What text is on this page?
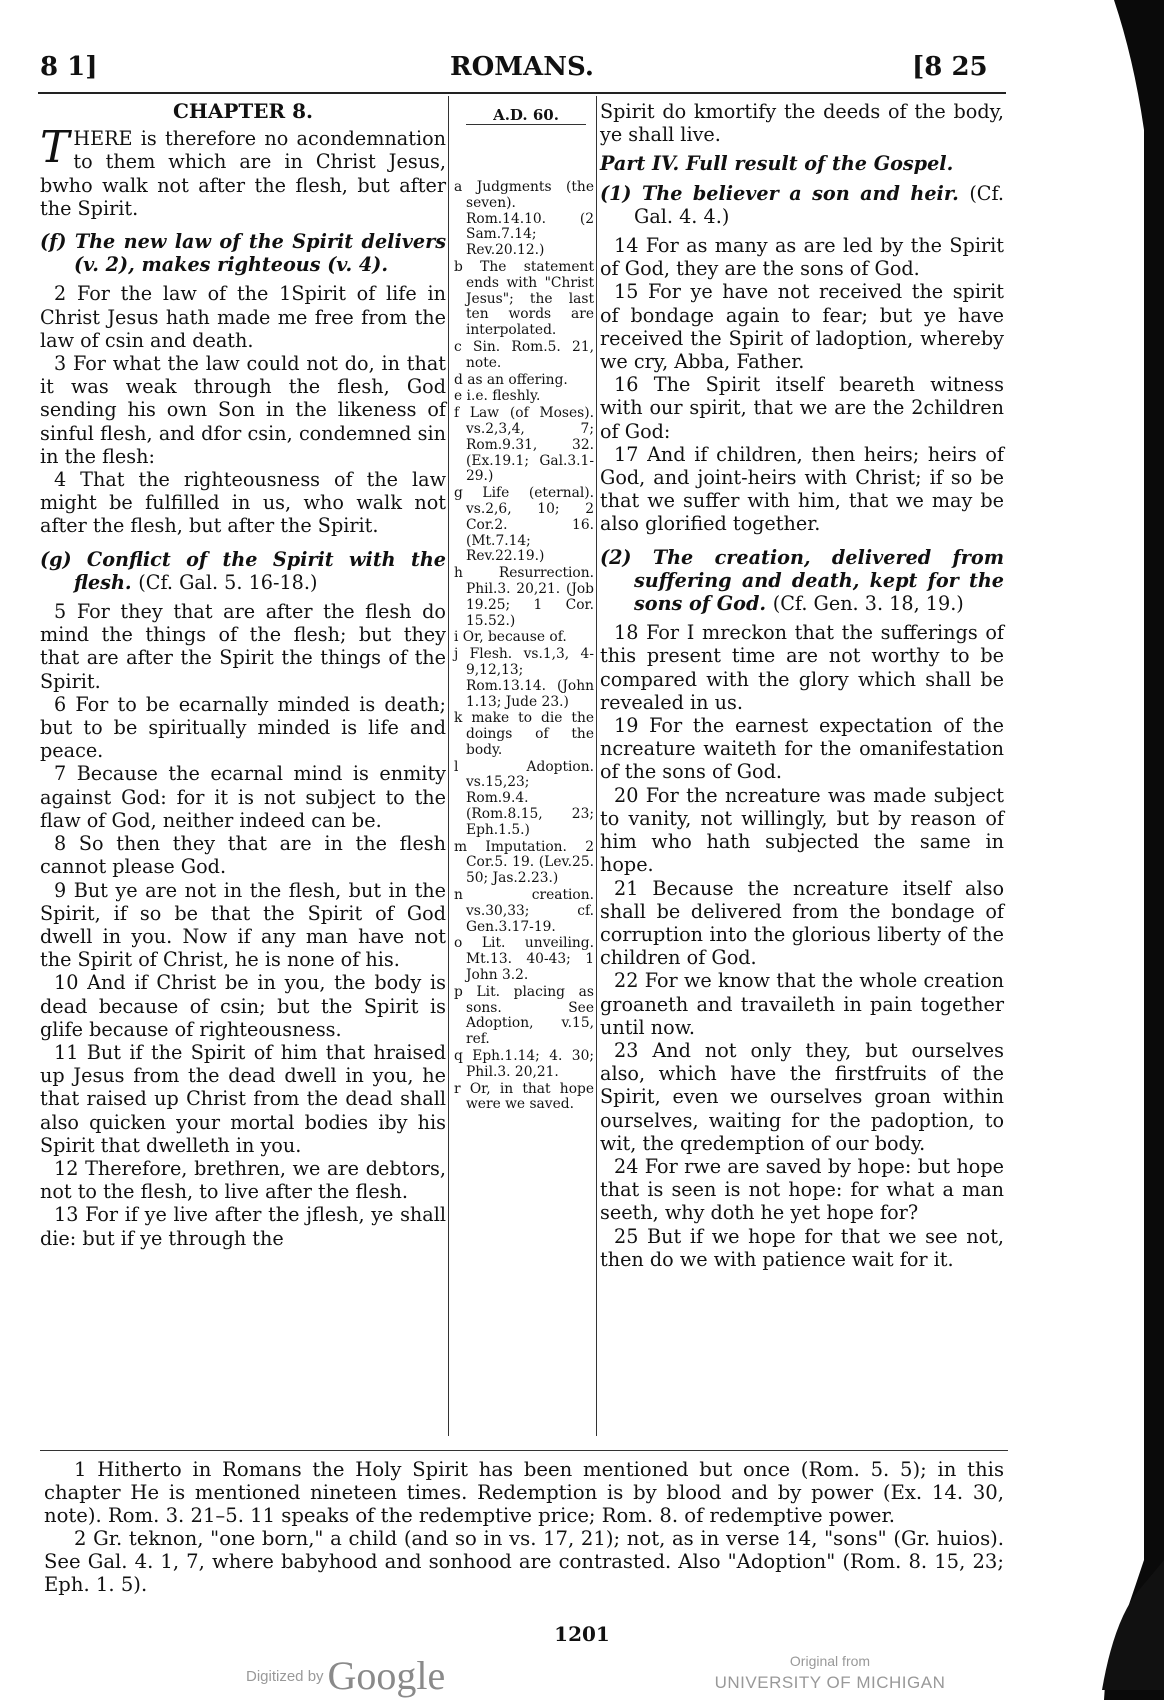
8 1]	ROMANS.	[8 25
CHAPTER 8.

THERE is therefore no acondemnation to them which are in Christ Jesus, bwho walk not after the flesh, but after the Spirit.

(f) The new law of the Spirit delivers (v. 2), makes righteous (v. 4).

2 For the law of the 1Spirit of life in Christ Jesus hath made me free from the law of csin and death.

3 For what the law could not do, in that it was weak through the flesh, God sending his own Son in the likeness of sinful flesh, and dfor csin, condemned sin in the flesh:

4 That the righteousness of the law might be fulfilled in us, who walk not after the flesh, but after the Spirit.

(g) Conflict of the Spirit with the flesh. (Cf. Gal. 5. 16-18.)

5 For they that are after the flesh do mind the things of the flesh; but they that are after the Spirit the things of the Spirit.

6 For to be ecarnally minded is death; but to be spiritually minded is life and peace.

7 Because the ecarnal mind is enmity against God: for it is not subject to the flaw of God, neither indeed can be.

8 So then they that are in the flesh cannot please God.

9 But ye are not in the flesh, but in the Spirit, if so be that the Spirit of God dwell in you. Now if any man have not the Spirit of Christ, he is none of his.

10 And if Christ be in you, the body is dead because of csin; but the Spirit is glife because of righteousness.

11 But if the Spirit of him that hraised up Jesus from the dead dwell in you, he that raised up Christ from the dead shall also quicken your mortal bodies iby his Spirit that dwelleth in you.

12 Therefore, brethren, we are debtors, not to the flesh, to live after the flesh.

13 For if ye live after the jflesh, ye shall die: but if ye through the

A.D. 60.

a Judgments (the seven). Rom.14.10. (2 Sam.7.14; Rev.20.12.)

b The statement ends with "Christ Jesus"; the last ten words are interpolated.

c Sin. Rom.5. 21, note.

d as an offering.

e i.e. fleshly.

f Law (of Moses). vs.2,3,4, 7; Rom.9.31, 32. (Ex.19.1; Gal.3.1-29.)

g Life (eternal). vs.2,6, 10; 2 Cor.2. 16. (Mt.7.14; Rev.22.19.)

h Resurrection. Phil.3. 20,21. (Job 19.25; 1 Cor. 15.52.)

i Or, because of.

j Flesh. vs.1,3, 4-9,12,13; Rom.13.14. (John 1.13; Jude 23.)

k make to die the doings of the body.

l Adoption. vs.15,23; Rom.9.4. (Rom.8.15, 23; Eph.1.5.)

m Imputation. 2 Cor.5. 19. (Lev.25. 50; Jas.2.23.)

n creation. vs.30,33; cf. Gen.3.17-19.

o Lit. unveiling. Mt.13. 40-43; 1 John 3.2.

p Lit. placing as sons. See Adoption, v.15, ref.

q Eph.1.14; 4. 30; Phil.3. 20,21.

r Or, in that hope were we saved.

Spirit do kmortify the deeds of the body, ye shall live.

Part IV. Full result of the Gospel.

(1) The believer a son and heir. (Cf. Gal. 4. 4.)

14 For as many as are led by the Spirit of God, they are the sons of God.

15 For ye have not received the spirit of bondage again to fear; but ye have received the Spirit of ladoption, whereby we cry, Abba, Father.

16 The Spirit itself beareth witness with our spirit, that we are the 2children of God:

17 And if children, then heirs; heirs of God, and joint-heirs with Christ; if so be that we suffer with him, that we may be also glorified together.

(2) The creation, delivered from suffering and death, kept for the sons of God. (Cf. Gen. 3. 18, 19.)

18 For I mreckon that the sufferings of this present time are not worthy to be compared with the glory which shall be revealed in us.

19 For the earnest expectation of the ncreature waiteth for the omanifestation of the sons of God.

20 For the ncreature was made subject to vanity, not willingly, but by reason of him who hath subjected the same in hope.

21 Because the ncreature itself also shall be delivered from the bondage of corruption into the glorious liberty of the children of God.

22 For we know that the whole creation groaneth and travaileth in pain together until now.

23 And not only they, but ourselves also, which have the firstfruits of the Spirit, even we ourselves groan within ourselves, waiting for the padoption, to wit, the qredemption of our body.

24 For rwe are saved by hope: but hope that is seen is not hope: for what a man seeth, why doth he yet hope for?

25 But if we hope for that we see not, then do we with patience wait for it.

1 Hitherto in Romans the Holy Spirit has been mentioned but once (Rom. 5. 5); in this chapter He is mentioned nineteen times. Redemption is by blood and by power (Ex. 14. 30, note). Rom. 3. 21–5. 11 speaks of the redemptive price; Rom. 8. of redemptive power.

2 Gr. teknon, "one born," a child (and so in vs. 17, 21); not, as in verse 14, "sons" (Gr. huios). See Gal. 4. 1, 7, where babyhood and sonhood are contrasted. Also "Adoption" (Rom. 8. 15, 23; Eph. 1. 5).

1201
Digitized by Google	Original from
UNIVERSITY OF MICHIGAN
